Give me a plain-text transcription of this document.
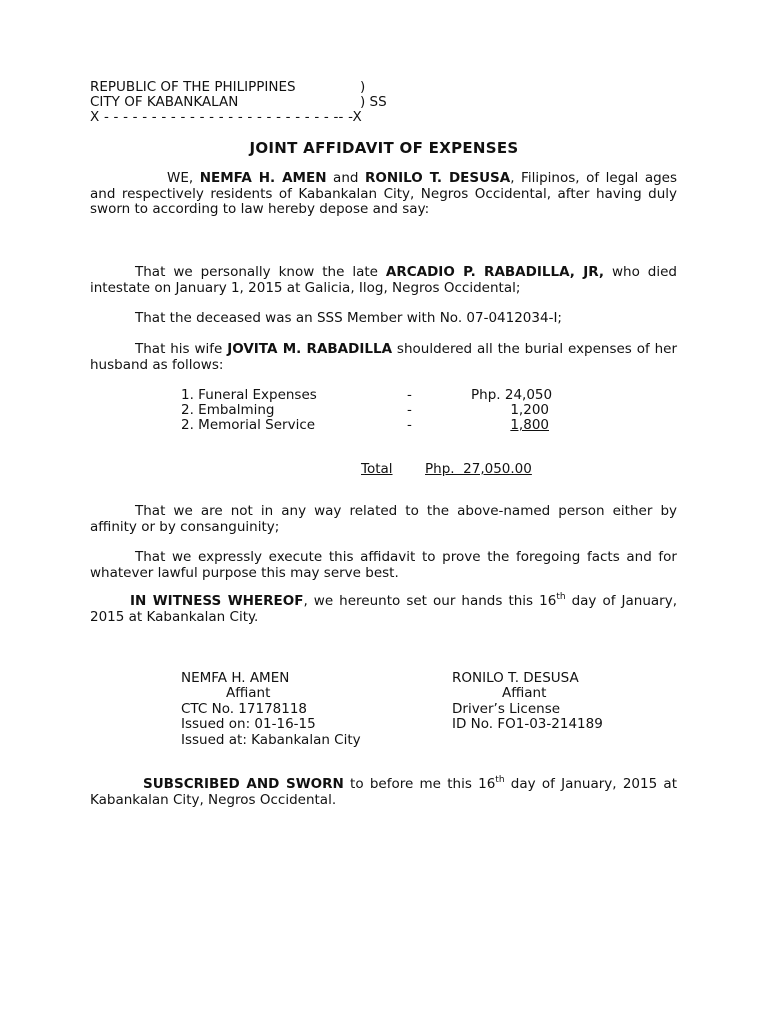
REPUBLIC OF THE PHILIPPINES	)
CITY OF KABANKALAN	) SS
X - - - - - - - - - - - - - - - - - - - - - - - - -- -X
JOINT AFFIDAVIT OF EXPENSES
WE, NEMFA H. AMEN and RONILO T. DESUSA, Filipinos, of legal ages and respectively residents of Kabankalan City, Negros Occidental, after having duly sworn to according to law hereby depose and say:
That we personally know the late ARCADIO P. RABADILLA, JR, who died intestate on January 1, 2015 at Galicia, Ilog, Negros Occidental;
That the deceased was an SSS Member with No. 07-0412034-I;
That his wife JOVITA M. RABADILLA shouldered all the burial expenses of her husband as follows:
1. Funeral Expenses	-	Php. 24,050
2. Embalming	-	1,200
2. Memorial Service	-	1,800
Total Php.  27,050.00
That we are not in any way related to the above-named person either by affinity or by consanguinity;
That we expressly execute this affidavit to prove the foregoing facts and for whatever lawful purpose this may serve best.
IN WITNESS WHEREOF, we hereunto set our hands this 16th day of January, 2015 at Kabankalan City.
NEMFA H. AMEN
Affiant
CTC No. 17178118
Issued on: 01-16-15
Issued at: Kabankalan City
RONILO T. DESUSA
Affiant
Driver’s License
ID No. FO1-03-214189
SUBSCRIBED AND SWORN to before me this 16th day of January, 2015 at Kabankalan City, Negros Occidental.
